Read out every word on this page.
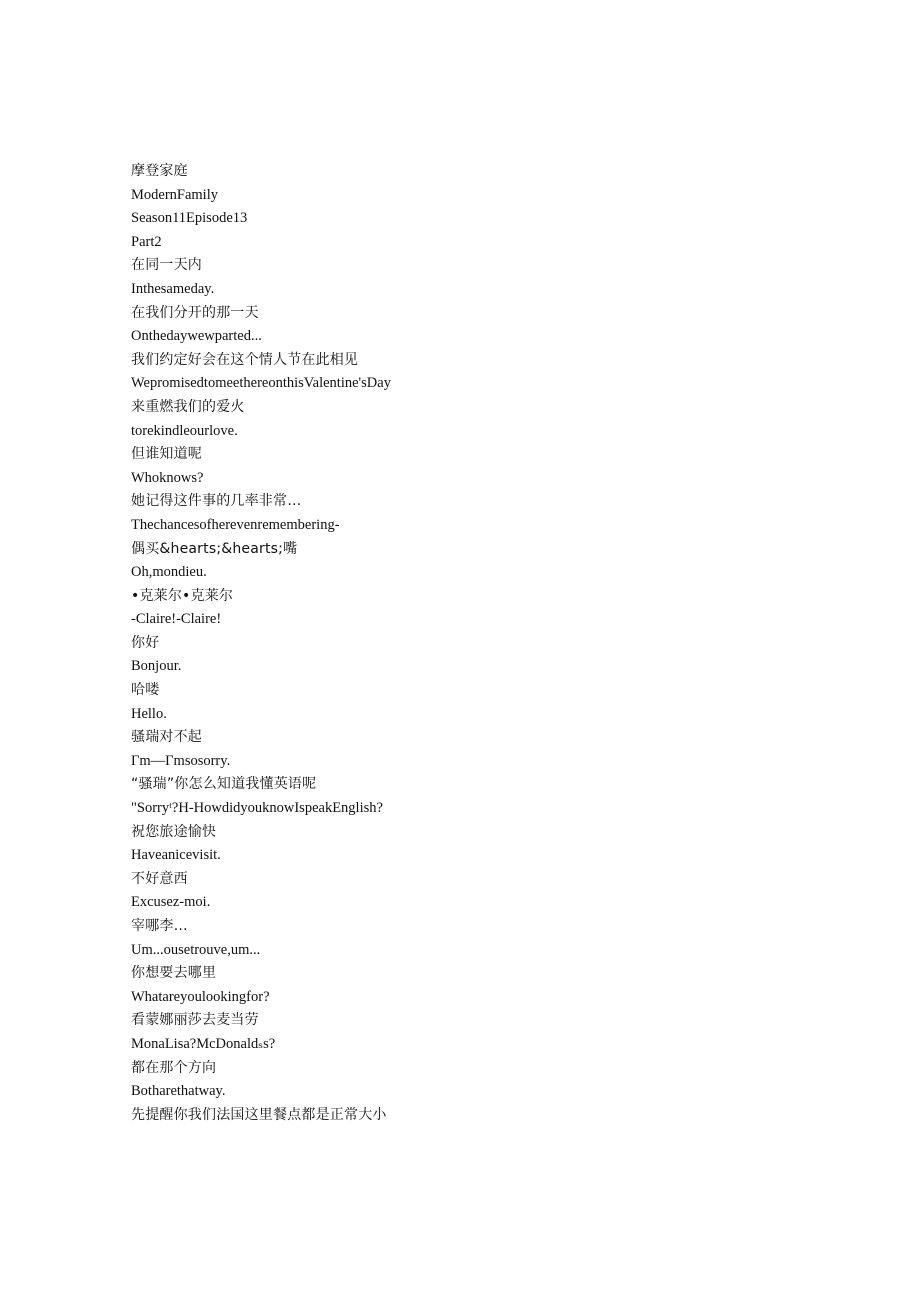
摩登家庭
ModernFamily
Season11Episode13
Part2
在同一天内
Inthesameday.
在我们分开的那一天
Onthedaywewparted...
我们约定好会在这个情人节在此相见
WepromisedtomeethereonthisValentine'sDay
来重燃我们的爱火
torekindleourlove.
但谁知道呢
Whoknows?
她记得这件事的几率非常…
Thechancesofherevenremembering-
偶买&hearts;&hearts;嘴
Oh,mondieu.
•克莱尔•克莱尔
-Claire!-Claire!
你好
Bonjour.
哈喽
Hello.
骚瑞对不起
Γm—Γmsosorry.
“骚瑞”你怎么知道我懂英语呢
"Sorryᵗ?H-HowdidyouknowIspeakEnglish?
祝您旅途愉快
Haveanicevisit.
不好意西
Excusez-moi.
宰哪李…
Um...ousetrouve,um...
你想要去哪里
Whatareyoulookingfor?
看蒙娜丽莎去麦当劳
MonaLisa?McDonaldₛs?
都在那个方向
Botharethatway.
先提醒你我们法国这里餐点都是正常大小
